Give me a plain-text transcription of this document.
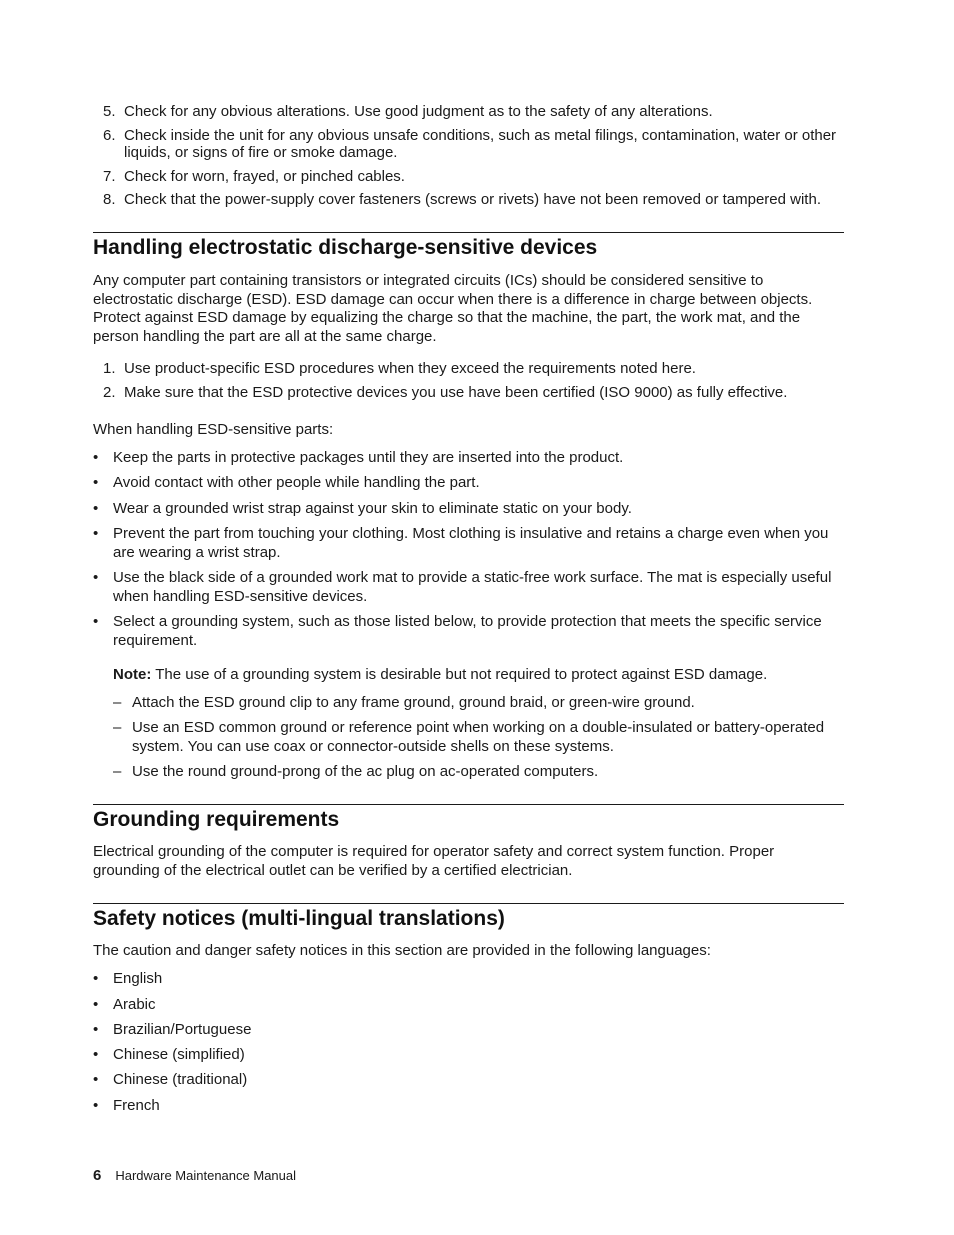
5. Check for any obvious alterations. Use good judgment as to the safety of any alterations.
6. Check inside the unit for any obvious unsafe conditions, such as metal filings, contamination, water or other liquids, or signs of fire or smoke damage.
7. Check for worn, frayed, or pinched cables.
8. Check that the power-supply cover fasteners (screws or rivets) have not been removed or tampered with.
Handling electrostatic discharge-sensitive devices
Any computer part containing transistors or integrated circuits (ICs) should be considered sensitive to electrostatic discharge (ESD). ESD damage can occur when there is a difference in charge between objects. Protect against ESD damage by equalizing the charge so that the machine, the part, the work mat, and the person handling the part are all at the same charge.
1. Use product-specific ESD procedures when they exceed the requirements noted here.
2. Make sure that the ESD protective devices you use have been certified (ISO 9000) as fully effective.
When handling ESD-sensitive parts:
• Keep the parts in protective packages until they are inserted into the product.
• Avoid contact with other people while handling the part.
• Wear a grounded wrist strap against your skin to eliminate static on your body.
• Prevent the part from touching your clothing. Most clothing is insulative and retains a charge even when you are wearing a wrist strap.
• Use the black side of a grounded work mat to provide a static-free work surface. The mat is especially useful when handling ESD-sensitive devices.
• Select a grounding system, such as those listed below, to provide protection that meets the specific service requirement.
Note: The use of a grounding system is desirable but not required to protect against ESD damage.
– Attach the ESD ground clip to any frame ground, ground braid, or green-wire ground.
– Use an ESD common ground or reference point when working on a double-insulated or battery-operated system. You can use coax or connector-outside shells on these systems.
– Use the round ground-prong of the ac plug on ac-operated computers.
Grounding requirements
Electrical grounding of the computer is required for operator safety and correct system function. Proper grounding of the electrical outlet can be verified by a certified electrician.
Safety notices (multi-lingual translations)
The caution and danger safety notices in this section are provided in the following languages:
• English
• Arabic
• Brazilian/Portuguese
• Chinese (simplified)
• Chinese (traditional)
• French
6 Hardware Maintenance Manual
